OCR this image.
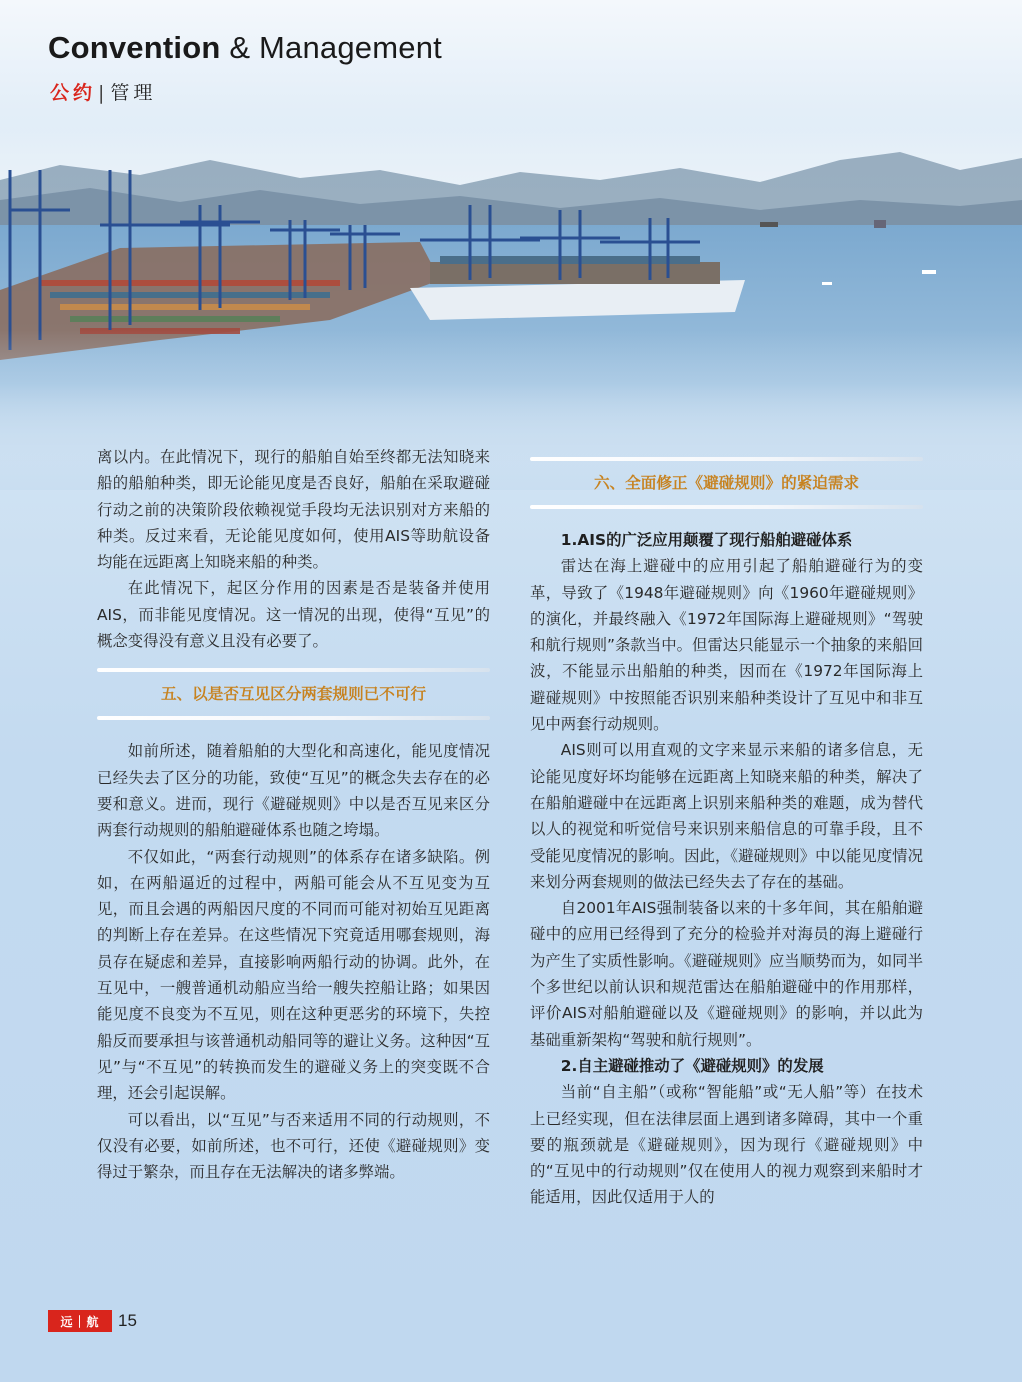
Convention & Management
公约 | 管理

离以内。在此情况下，现行的船舶自始至终都无法知晓来船的船舶种类，即无论能见度是否良好，船舶在采取避碰行动之前的决策阶段依赖视觉手段均无法识别对方来船的种类。反过来看，无论能见度如何，使用AIS等助航设备均能在远距离上知晓来船的种类。

在此情况下，起区分作用的因素是否是装备并使用AIS，而非能见度情况。这一情况的出现，使得“互见”的概念变得没有意义且没有必要了。

五、以是否互见区分两套规则已不可行

如前所述，随着船舶的大型化和高速化，能见度情况已经失去了区分的功能，致使“互见”的概念失去存在的必要和意义。进而，现行《避碰规则》中以是否互见来区分两套行动规则的船舶避碰体系也随之垮塌。

不仅如此，“两套行动规则”的体系存在诸多缺陷。例如，在两船逼近的过程中，两船可能会从不互见变为互见，而且会遇的两船因尺度的不同而可能对初始互见距离的判断上存在差异。在这些情况下究竟适用哪套规则，海员存在疑虑和差异，直接影响两船行动的协调。此外，在互见中，一艘普通机动船应当给一艘失控船让路；如果因能见度不良变为不互见，则在这种更恶劣的环境下，失控船反而要承担与该普通机动船同等的避让义务。这种因“互见”与“不互见”的转换而发生的避碰义务上的突变既不合理，还会引起误解。

可以看出，以“互见”与否来适用不同的行动规则，不仅没有必要，如前所述，也不可行，还使《避碰规则》变得过于繁杂，而且存在无法解决的诸多弊端。

六、全面修正《避碰规则》的紧迫需求

1.AIS的广泛应用颠覆了现行船舶避碰体系

雷达在海上避碰中的应用引起了船舶避碰行为的变革，导致了《1948年避碰规则》向《1960年避碰规则》的演化，并最终融入《1972年国际海上避碰规则》“驾驶和航行规则”条款当中。但雷达只能显示一个抽象的来船回波，不能显示出船舶的种类，因而在《1972年国际海上避碰规则》中按照能否识别来船种类设计了互见中和非互见中两套行动规则。

AIS则可以用直观的文字来显示来船的诸多信息，无论能见度好坏均能够在远距离上知晓来船的种类，解决了在船舶避碰中在远距离上识别来船种类的难题，成为替代以人的视觉和听觉信号来识别来船信息的可靠手段，且不受能见度情况的影响。因此，《避碰规则》中以能见度情况来划分两套规则的做法已经失去了存在的基础。

自2001年AIS强制装备以来的十多年间，其在船舶避碰中的应用已经得到了充分的检验并对海员的海上避碰行为产生了实质性影响。《避碰规则》应当顺势而为，如同半个多世纪以前认识和规范雷达在船舶避碰中的作用那样，评价AIS对船舶避碰以及《避碰规则》的影响，并以此为基础重新架构“驾驶和航行规则”。

2.自主避碰推动了《避碰规则》的发展

当前“自主船”（或称“智能船”或“无人船”等）在技术上已经实现，但在法律层面上遇到诸多障碍，其中一个重要的瓶颈就是《避碰规则》，因为现行《避碰规则》中的“互见中的行动规则”仅在使用人的视力观察到来船时才能适用，因此仅适用于人的

远｜航	15
